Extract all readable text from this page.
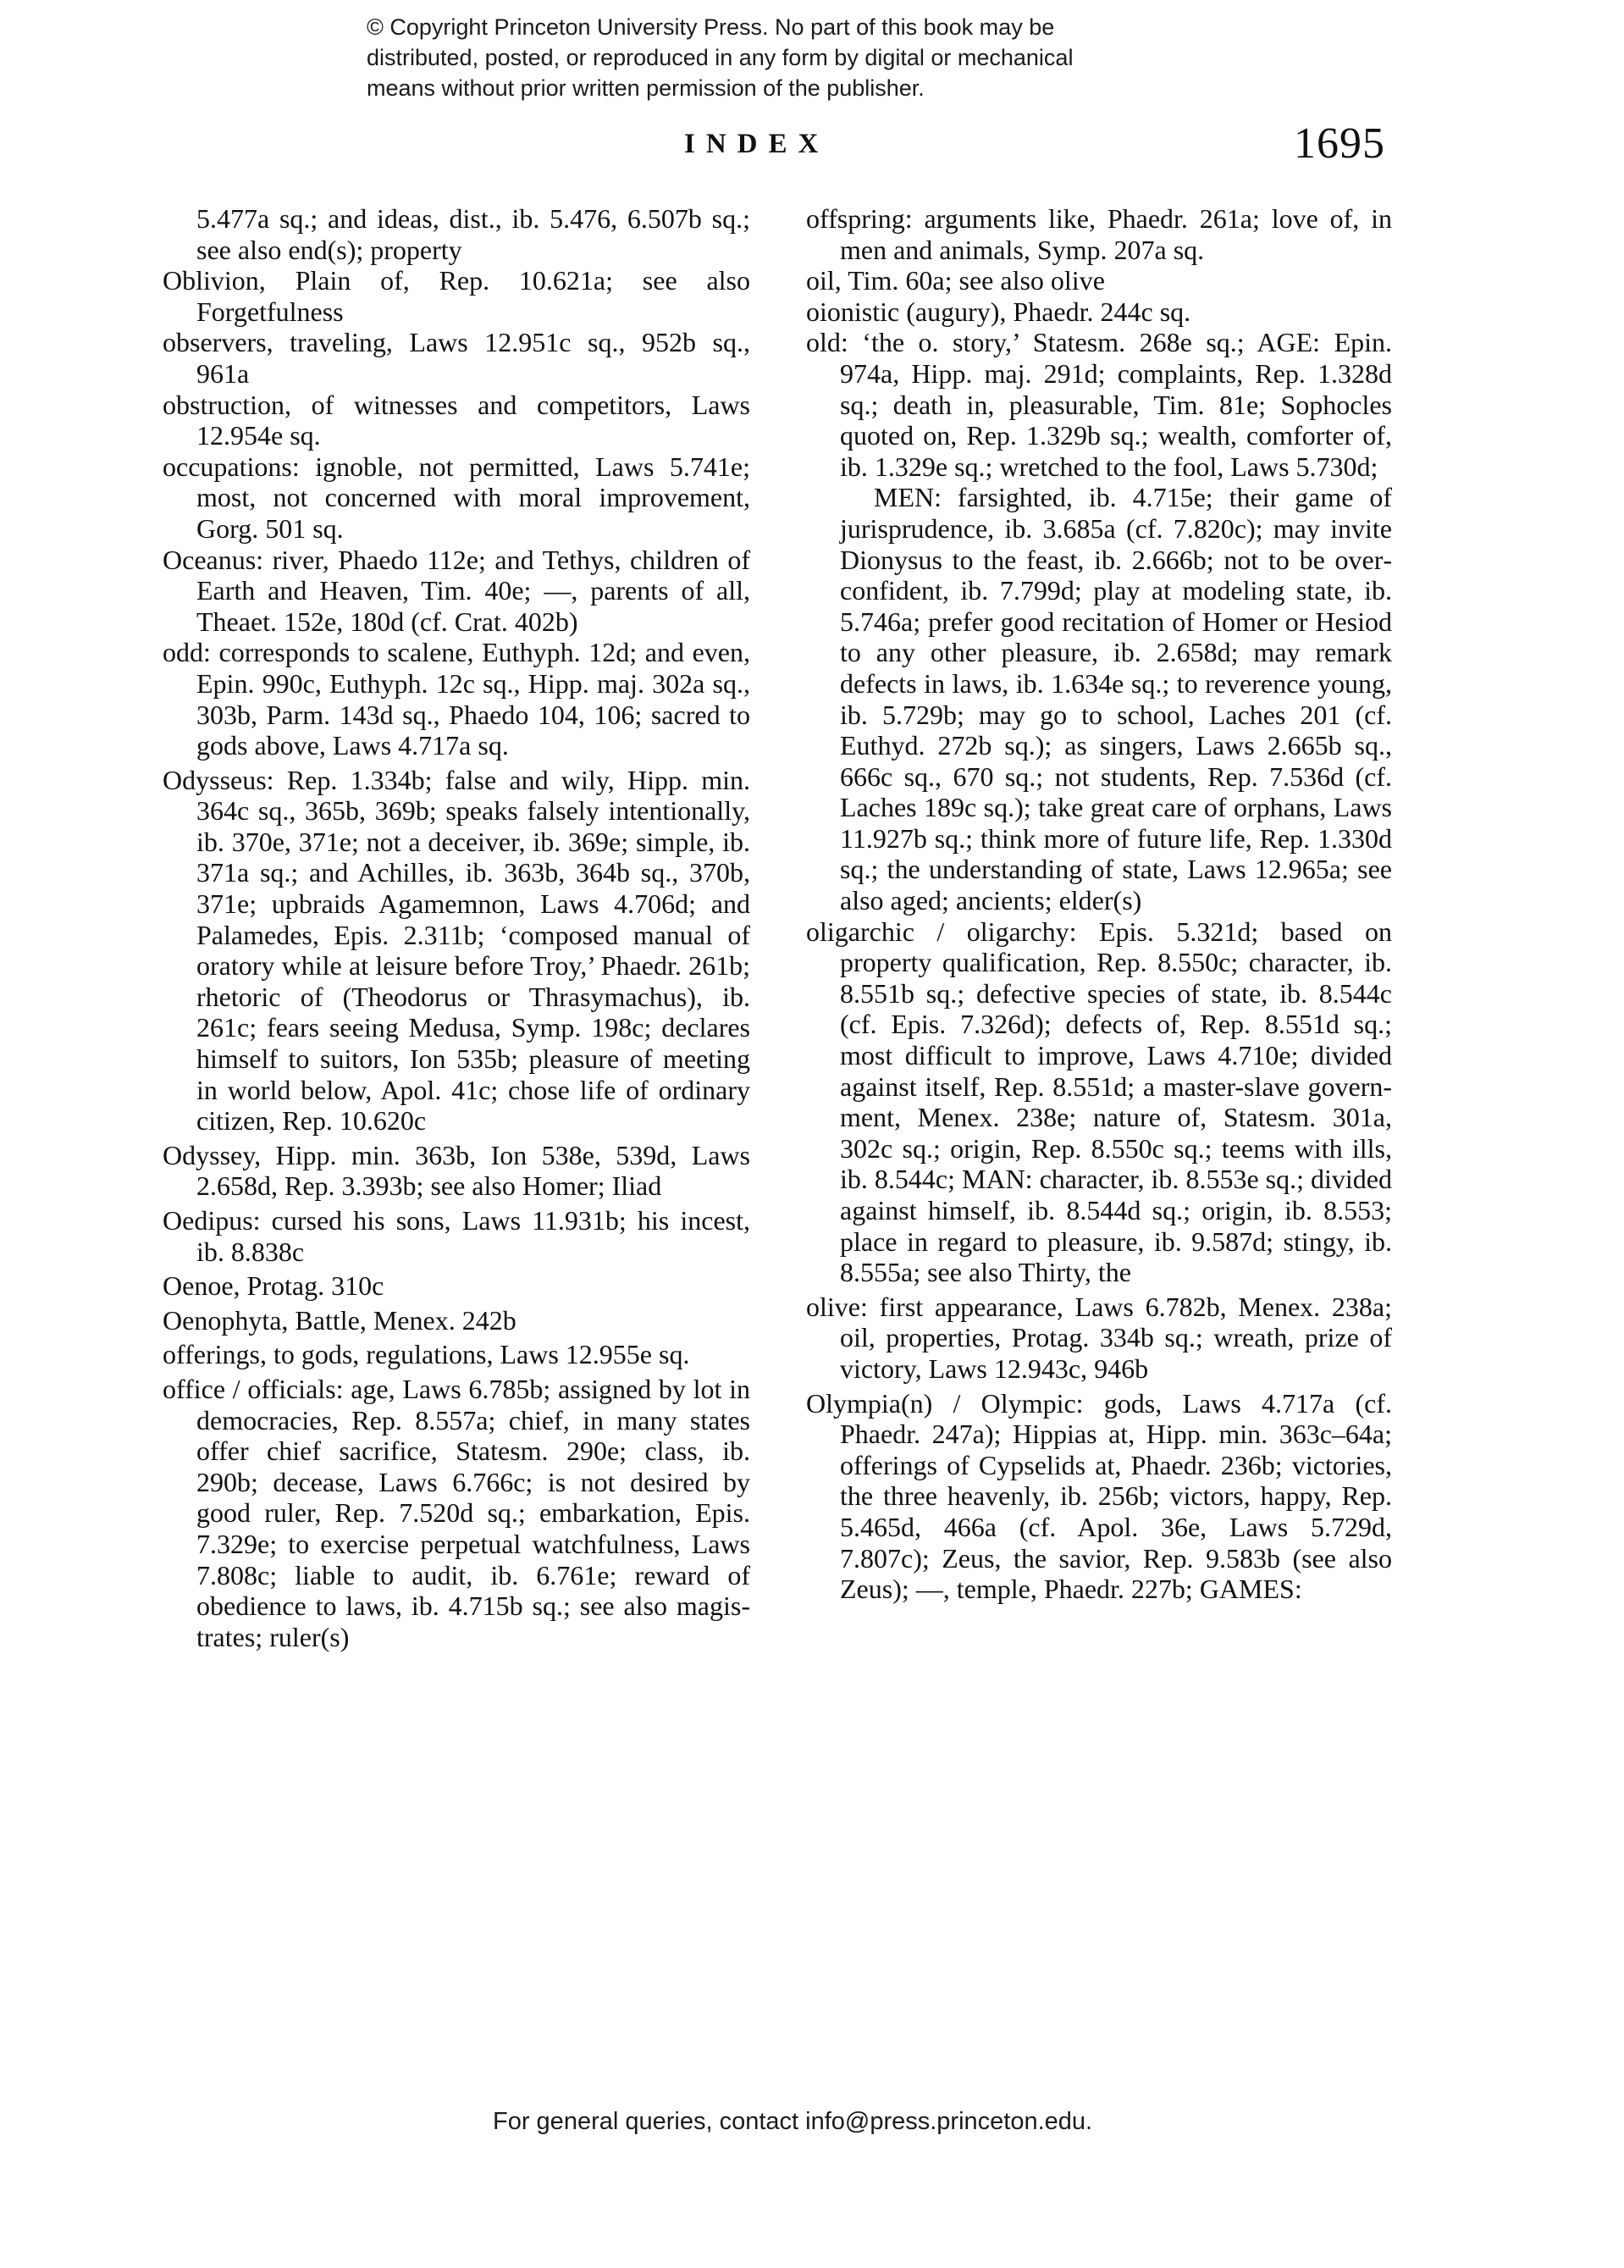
© Copyright Princeton University Press. No part of this book may be
distributed, posted, or reproduced in any form by digital or mechanical
means without prior written permission of the publisher.
INDEX	1695
5.477a sq.; and ideas, dist., ib. 5.476, 6.507b sq.; see also end(s); property
Oblivion, Plain of, Rep. 10.621a; see also Forgetfulness
observers, traveling, Laws 12.951c sq., 952b sq., 961a
obstruction, of witnesses and competitors, Laws 12.954e sq.
occupations: ignoble, not permitted, Laws 5.741e; most, not concerned with moral improvement, Gorg. 501 sq.
Oceanus: river, Phaedo 112e; and Tethys, children of Earth and Heaven, Tim. 40e; —, parents of all, Theaet. 152e, 180d (cf. Crat. 402b)
odd: corresponds to scalene, Euthyph. 12d; and even, Epin. 990c, Euthyph. 12c sq., Hipp. maj. 302a sq., 303b, Parm. 143d sq., Phaedo 104, 106; sacred to gods above, Laws 4.717a sq.
Odysseus: Rep. 1.334b; false and wily, Hipp. min. 364c sq., 365b, 369b; speaks falsely intentionally, ib. 370e, 371e; not a deceiver, ib. 369e; simple, ib. 371a sq.; and Achilles, ib. 363b, 364b sq., 370b, 371e; upbraids Agamemnon, Laws 4.706d; and Palamedes, Epis. 2.311b; ‘composed manual of oratory while at leisure before Troy,’ Phaedr. 261b; rhetoric of (Theodorus or Thrasymachus), ib. 261c; fears seeing Medusa, Symp. 198c; declares himself to suitors, Ion 535b; pleasure of meeting in world below, Apol. 41c; chose life of ordinary citizen, Rep. 10.620c
Odyssey, Hipp. min. 363b, Ion 538e, 539d, Laws 2.658d, Rep. 3.393b; see also Homer; Iliad
Oedipus: cursed his sons, Laws 11.931b; his incest, ib. 8.838c
Oenoe, Protag. 310c
Oenophyta, Battle, Menex. 242b
offerings, to gods, regulations, Laws 12.955e sq.
office / officials: age, Laws 6.785b; assigned by lot in democracies, Rep. 8.557a; chief, in many states offer chief sacrifice, Statesm. 290e; class, ib. 290b; decease, Laws 6.766c; is not desired by good ruler, Rep. 7.520d sq.; embarkation, Epis. 7.329e; to exercise perpetual watchfulness, Laws 7.808c; liable to audit, ib. 6.761e; reward of obedience to laws, ib. 4.715b sq.; see also magistrates; ruler(s)
offspring: arguments like, Phaedr. 261a; love of, in men and animals, Symp. 207a sq.
oil, Tim. 60a; see also olive
oionistic (augury), Phaedr. 244c sq.
old: ‘the o. story,’ Statesm. 268e sq.; AGE: Epin. 974a, Hipp. maj. 291d; complaints, Rep. 1.328d sq.; death in, pleasurable, Tim. 81e; Sophocles quoted on, Rep. 1.329b sq.; wealth, comforter of, ib. 1.329e sq.; wretched to the fool, Laws 5.730d;
MEN: farsighted, ib. 4.715e; their game of jurisprudence, ib. 3.685a (cf. 7.820c); may invite Dionysus to the feast, ib. 2.666b; not to be overconfident, ib. 7.799d; play at modeling state, ib. 5.746a; prefer good recitation of Homer or Hesiod to any other pleasure, ib. 2.658d; may remark defects in laws, ib. 1.634e sq.; to reverence young, ib. 5.729b; may go to school, Laches 201 (cf. Euthyd. 272b sq.); as singers, Laws 2.665b sq., 666c sq., 670 sq.; not students, Rep. 7.536d (cf. Laches 189c sq.); take great care of orphans, Laws 11.927b sq.; think more of future life, Rep. 1.330d sq.; the understanding of state, Laws 12.965a; see also aged; ancients; elder(s)
oligarchic / oligarchy: Epis. 5.321d; based on property qualification, Rep. 8.550c; character, ib. 8.551b sq.; defective species of state, ib. 8.544c (cf. Epis. 7.326d); defects of, Rep. 8.551d sq.; most difficult to improve, Laws 4.710e; divided against itself, Rep. 8.551d; a master-slave government, Menex. 238e; nature of, Statesm. 301a, 302c sq.; origin, Rep. 8.550c sq.; teems with ills, ib. 8.544c; MAN: character, ib. 8.553e sq.; divided against himself, ib. 8.544d sq.; origin, ib. 8.553; place in regard to pleasure, ib. 9.587d; stingy, ib. 8.555a; see also Thirty, the
olive: first appearance, Laws 6.782b, Menex. 238a; oil, properties, Protag. 334b sq.; wreath, prize of victory, Laws 12.943c, 946b
Olympia(n) / Olympic: gods, Laws 4.717a (cf. Phaedr. 247a); Hippias at, Hipp. min. 363c–64a; offerings of Cypselids at, Phaedr. 236b; victories, the three heavenly, ib. 256b; victors, happy, Rep. 5.465d, 466a (cf. Apol. 36e, Laws 5.729d, 7.807c); Zeus, the savior, Rep. 9.583b (see also Zeus); —, temple, Phaedr. 227b; GAMES:
For general queries, contact info@press.princeton.edu.
